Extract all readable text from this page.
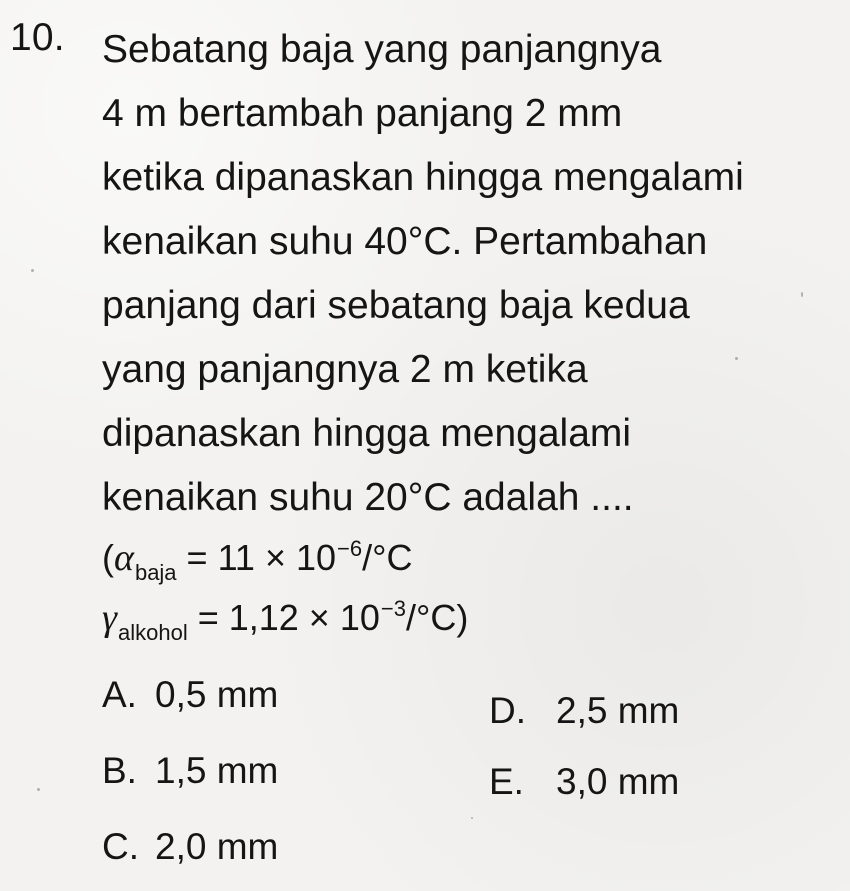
10. Sebatang baja yang panjangnya
4 m bertambah panjang 2 mm
ketika dipanaskan hingga mengalami
kenaikan suhu 40°C. Pertambahan
panjang dari sebatang baja kedua
yang panjangnya 2 m ketika
dipanaskan hingga mengalami
kenaikan suhu 20°C adalah ....
($\alpha_{baja} = 11 \times 10^{-6}/^\circ C$
$\gamma_{alkohol} = 1,12 \times 10^{-3}/^\circ C$)
A. 0,5 mm
B. 1,5 mm
C. 2,0 mm
D. 2,5 mm
E. 3,0 mm
